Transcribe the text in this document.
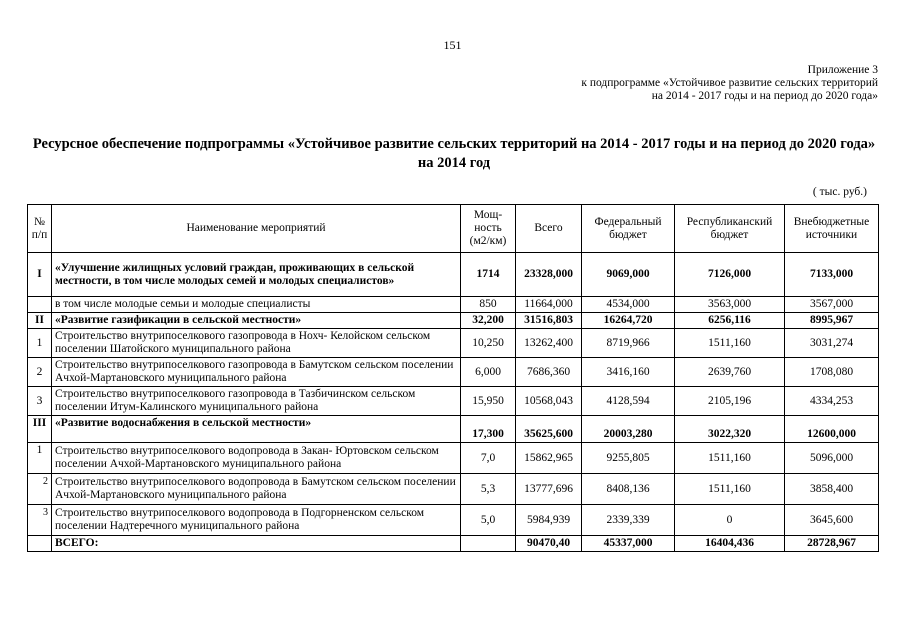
151
Приложение 3
к подпрограмме «Устойчивое развитие сельских территорий
на 2014 - 2017 годы и на период до 2020 года»
Ресурсное обеспечение подпрограммы «Устойчивое развитие сельских территорий на 2014 - 2017 годы и на период до 2020 года» на 2014 год
( тыс. руб.)
№ п/п	Наименование мероприятий	Мощ-ность (м2/км)	Всего	Федеральный бюджет	Республиканский бюджет	Внебюджетные источники
I	«Улучшение жилищных условий граждан, проживающих в сельской местности, в том числе молодых семей и молодых специалистов»	1714	23328,000	9069,000	7126,000	7133,000
	в том числе молодые семьи и молодые специалисты	850	11664,000	4534,000	3563,000	3567,000
II	«Развитие газификации в сельской местности»	32,200	31516,803	16264,720	6256,116	8995,967
1	Строительство внутрипоселкового газопровода в Нохч- Келойском сельском поселении Шатойского муниципального района	10,250	13262,400	8719,966	1511,160	3031,274
2	Строительство внутрипоселкового газопровода в Бамутском сельском поселении Ачхой-Мартановского муниципального района	6,000	7686,360	3416,160	2639,760	1708,080
3	Строительство внутрипоселкового газопровода в Тазбичинском сельском поселении Итум-Калинского муниципального района	15,950	10568,043	4128,594	2105,196	4334,253
III	«Развитие водоснабжения в сельской местности»	17,300	35625,600	20003,280	3022,320	12600,000
1	Строительство внутрипоселкового водопровода в Закан- Юртовском сельском поселении Ачхой-Мартановского муниципального района	7,0	15862,965	9255,805	1511,160	5096,000
2	Строительство внутрипоселкового водопровода в Бамутском сельском поселении Ачхой-Мартановского муниципального района	5,3	13777,696	8408,136	1511,160	3858,400
3	Строительство внутрипоселкового водопровода в Подгорненском сельском поселении Надтеречного муниципального района	5,0	5984,939	2339,339	0	3645,600
	ВСЕГО:		90470,40	45337,000	16404,436	28728,967
